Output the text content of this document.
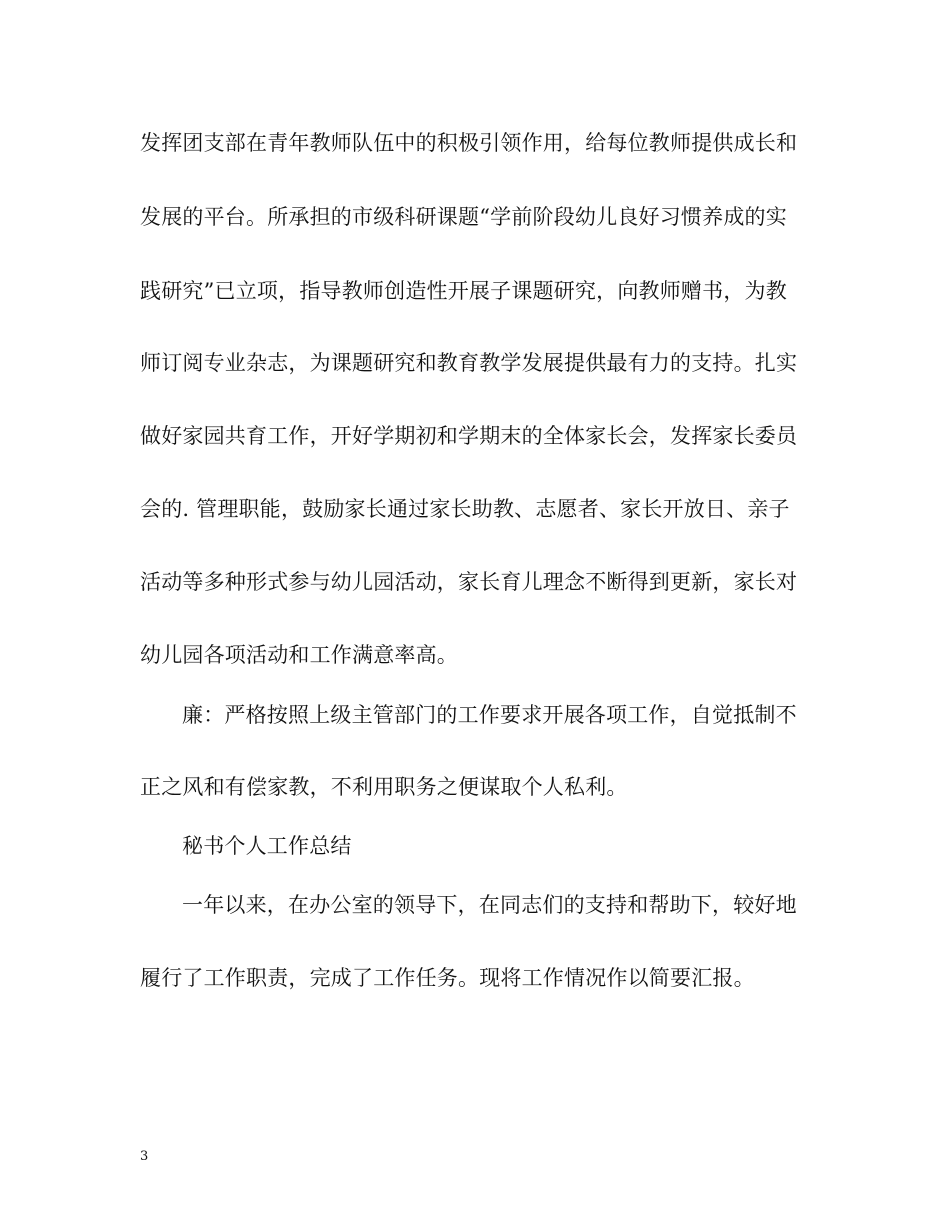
发挥团支部在青年教师队伍中的积极引领作用，给每位教师提供成长和
发展的平台。所承担的市级科研课题“学前阶段幼儿良好习惯养成的实
践研究”已立项，指导教师创造性开展子课题研究，向教师赠书，为教
师订阅专业杂志，为课题研究和教育教学发展提供最有力的支持。扎实
做好家园共育工作，开好学期初和学期末的全体家长会，发挥家长委员
会的. 管理职能，鼓励家长通过家长助教、志愿者、家长开放日、亲子
活动等多种形式参与幼儿园活动，家长育儿理念不断得到更新，家长对
幼儿园各项活动和工作满意率高。
廉：严格按照上级主管部门的工作要求开展各项工作，自觉抵制不
正之风和有偿家教，不利用职务之便谋取个人私利。
秘书个人工作总结
一年以来，在办公室的领导下，在同志们的支持和帮助下，较好地
履行了工作职责，完成了工作任务。现将工作情况作以简要汇报。
3
